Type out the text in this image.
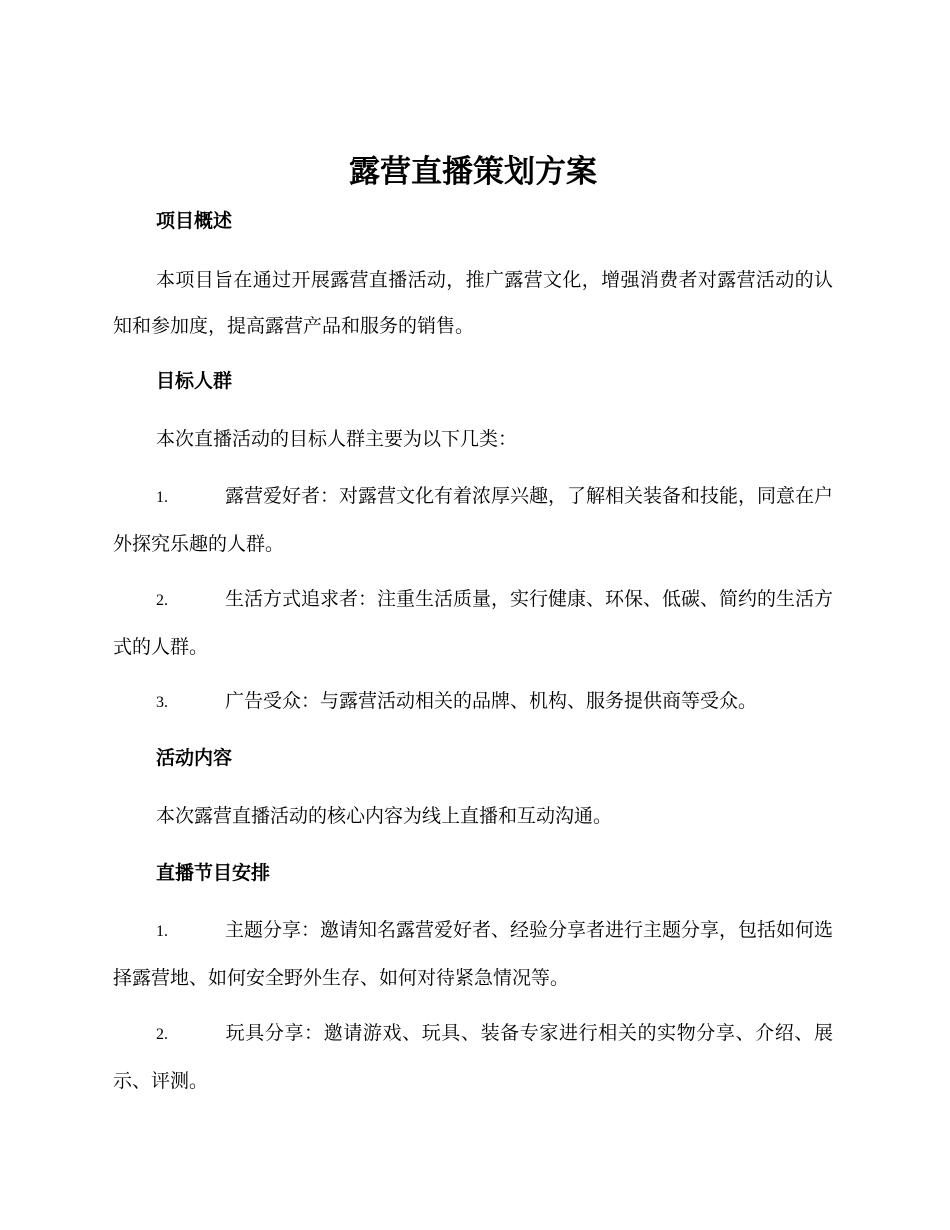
露营直播策划方案
项目概述

本项目旨在通过开展露营直播活动，推广露营文化，增强消费者对露营活动的认知和参加度，提高露营产品和服务的销售。

目标人群

本次直播活动的目标人群主要为以下几类：

1.	露营爱好者：对露营文化有着浓厚兴趣，了解相关装备和技能，同意在户外探究乐趣的人群。

2.	生活方式追求者：注重生活质量，实行健康、环保、低碳、简约的生活方式的人群。

3.	广告受众：与露营活动相关的品牌、机构、服务提供商等受众。

活动内容

本次露营直播活动的核心内容为线上直播和互动沟通。

直播节目安排

1.	主题分享：邀请知名露营爱好者、经验分享者进行主题分享，包括如何选择露营地、如何安全野外生存、如何对待紧急情况等。

2.	玩具分享：邀请游戏、玩具、装备专家进行相关的实物分享、介绍、展示、评测。
